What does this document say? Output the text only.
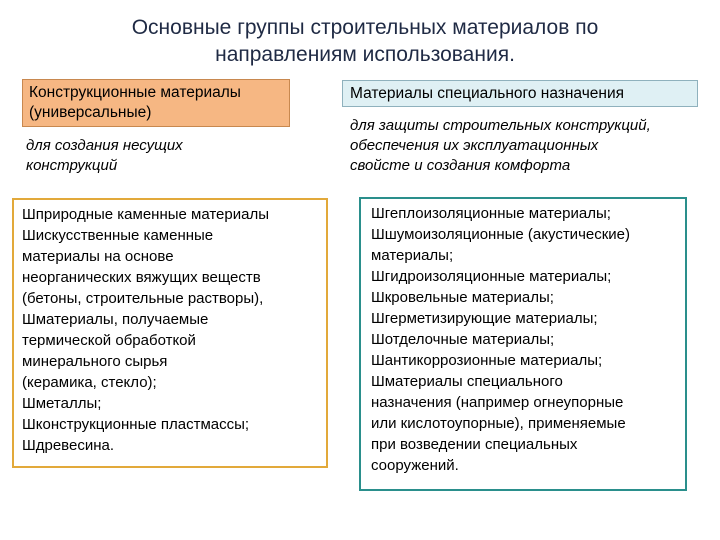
Основные группы строительных материалов по
направлениям использования.
Конструкционные материалы
(универсальные)
Материалы специального назначения
для создания несущих
конструкций
для защиты строительных конструкций,
обеспечения их эксплуатационных
свойсте и создания комфорта
Шприродные каменные материалы
Шискусственные каменные
материалы на основе
неорганических вяжущих веществ
(бетоны, строительные растворы),
Шматериалы, получаемые
термической обработкой
минерального сырья
(керамика, стекло);
Шметаллы;
Шконструкционные пластмассы;
Шдревесина.
Шгеплоизоляционные материалы;
Шшумоизоляционные (акустические)
материалы;
Шгидроизоляционные материалы;
Шкровельные материалы;
Шгерметизирующие материалы;
Шотделочные материалы;
Шантикоррозионные материалы;
Шматериалы специального
назначения (например огнеупорные
или кислотоупорные), применяемые
при возведении специальных
сооружений.
